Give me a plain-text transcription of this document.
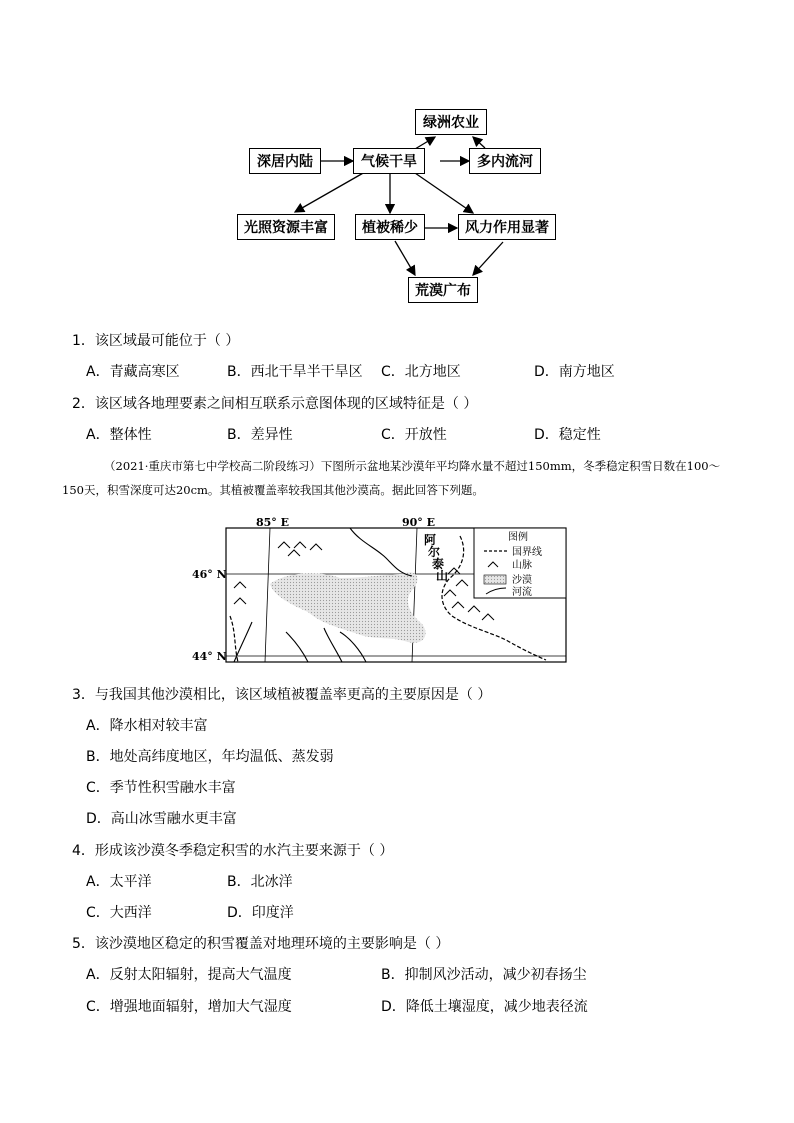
绿洲农业
深居内陆	气候干旱	多内流河
光照资源丰富	植被稀少	风力作用显著
荒漠广布
1．该区域最可能位于（ ）
A．青藏高寒区	B．西北干旱半干旱区 C．北方地区	D．南方地区
2．该区域各地理要素之间相互联系示意图体现的区域特征是（ ）
A．整体性	B．差异性	C．开放性	D．稳定性
（2021·重庆市第七中学校高二阶段练习）下图所示盆地某沙漠年平均降水量不超过150mm，冬季稳定积雪日数在100～150天，积雪深度可达20cm。其植被覆盖率较我国其他沙漠高。据此回答下列题。
85° E	90° E
46° N
44° N
阿
尔
泰
山
图例
国界线
山脉
沙漠
河流
3．与我国其他沙漠相比，该区域植被覆盖率更高的主要原因是（ ）
A．降水相对较丰富
B．地处高纬度地区，年均温低、蒸发弱
C．季节性积雪融水丰富
D．高山冰雪融水更丰富
4．形成该沙漠冬季稳定积雪的水汽主要来源于（ ）
A．太平洋	B．北冰洋
C．大西洋	D．印度洋
5．该沙漠地区稳定的积雪覆盖对地理环境的主要影响是（ ）
A．反射太阳辐射，提高大气温度	B．抑制风沙活动，减少初春扬尘
C．增强地面辐射，增加大气湿度	D．降低土壤湿度，减少地表径流
